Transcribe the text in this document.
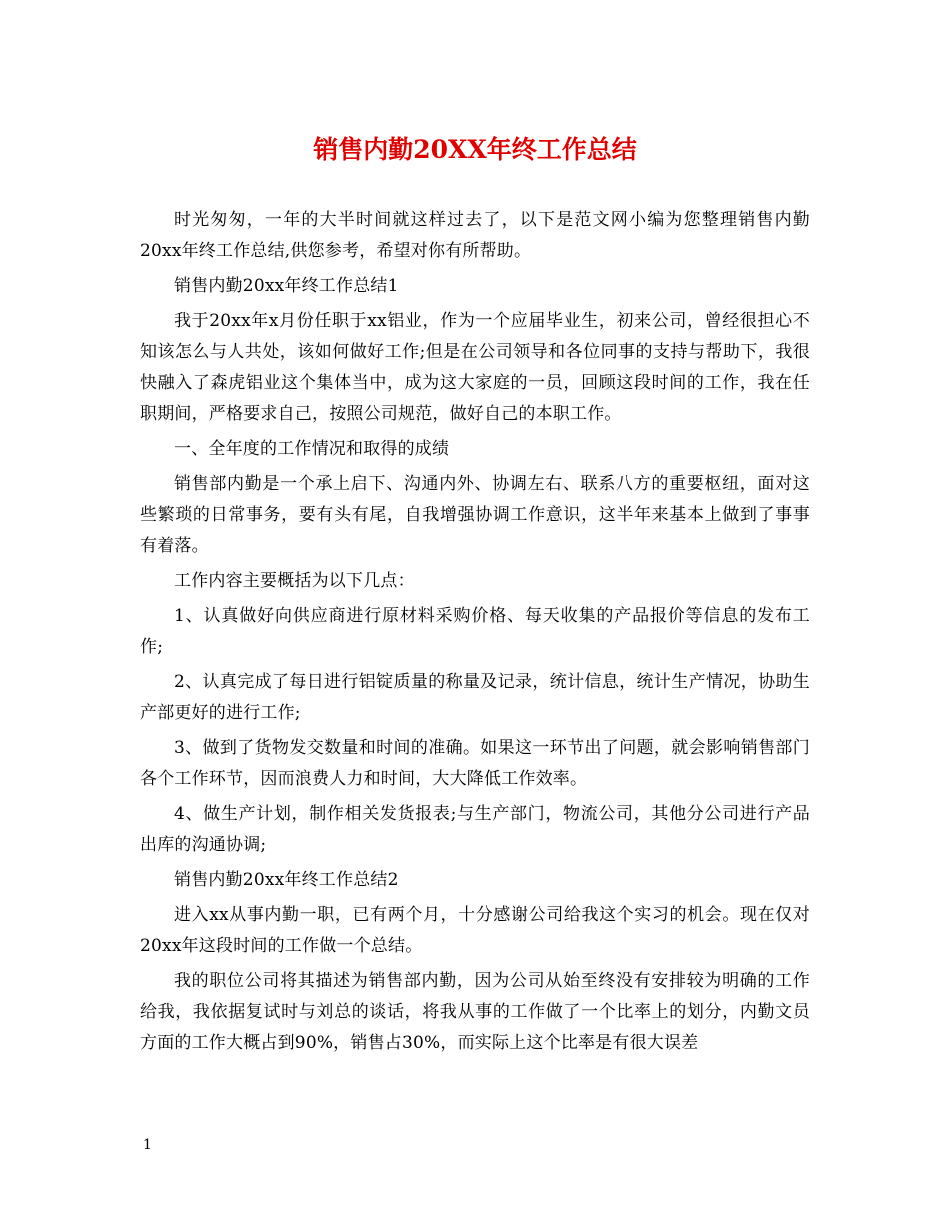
销售内勤20XX年终工作总结

时光匆匆，一年的大半时间就这样过去了，以下是范文网小编为您整理销售内勤20xx年终工作总结,供您参考，希望对你有所帮助。

销售内勤20xx年终工作总结1

我于20xx年x月份任职于xx铝业，作为一个应届毕业生，初来公司，曾经很担心不知该怎么与人共处，该如何做好工作;但是在公司领导和各位同事的支持与帮助下，我很快融入了森虎铝业这个集体当中，成为这大家庭的一员，回顾这段时间的工作，我在任职期间，严格要求自己，按照公司规范，做好自己的本职工作。

一、全年度的工作情况和取得的成绩

销售部内勤是一个承上启下、沟通内外、协调左右、联系八方的重要枢纽，面对这些繁琐的日常事务，要有头有尾，自我增强协调工作意识，这半年来基本上做到了事事有着落。

工作内容主要概括为以下几点：

1、认真做好向供应商进行原材料采购价格、每天收集的产品报价等信息的发布工作;

2、认真完成了每日进行铝锭质量的称量及记录，统计信息，统计生产情况，协助生产部更好的进行工作;

3、做到了货物发交数量和时间的准确。如果这一环节出了问题，就会影响销售部门各个工作环节，因而浪费人力和时间，大大降低工作效率。

4、做生产计划，制作相关发货报表;与生产部门，物流公司，其他分公司进行产品出库的沟通协调;

销售内勤20xx年终工作总结2

进入xx从事内勤一职，已有两个月，十分感谢公司给我这个实习的机会。现在仅对20xx年这段时间的工作做一个总结。

我的职位公司将其描述为销售部内勤，因为公司从始至终没有安排较为明确的工作给我，我依据复试时与刘总的谈话，将我从事的工作做了一个比率上的划分，内勤文员方面的工作大概占到90%，销售占30%，而实际上这个比率是有很大误差

1
